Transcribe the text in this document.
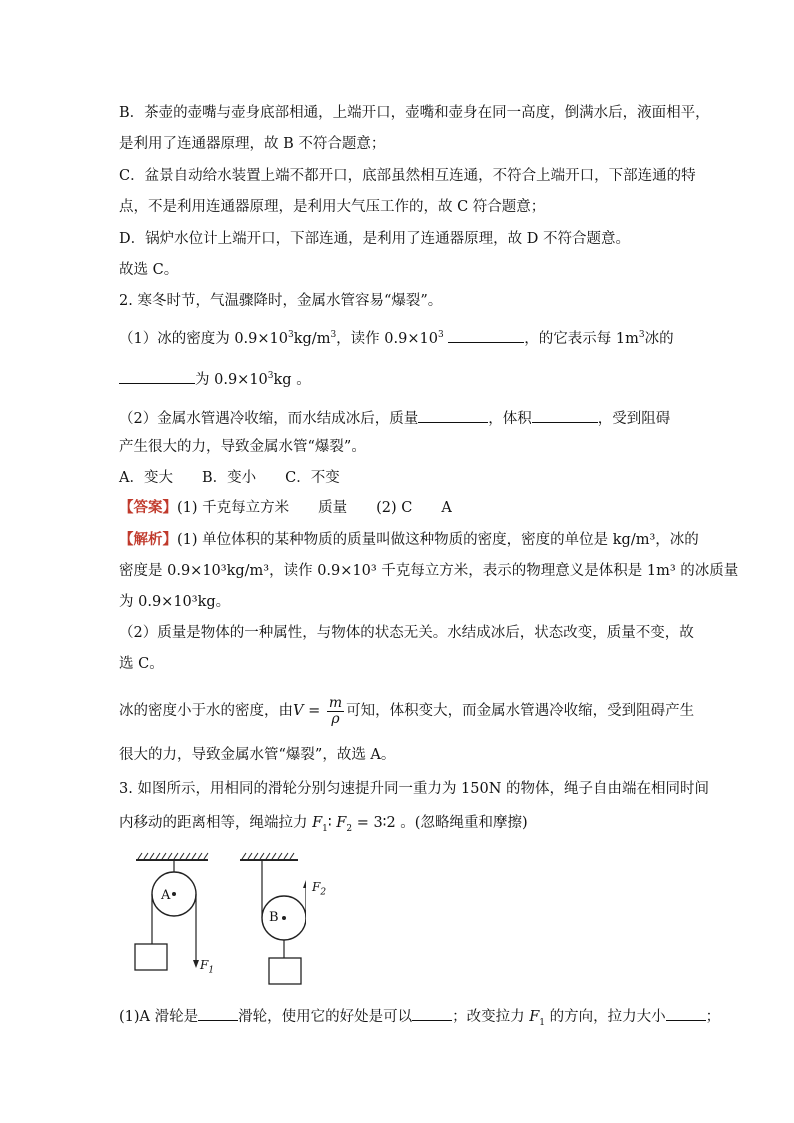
B．茶壶的壶嘴与壶身底部相通，上端开口，壶嘴和壶身在同一高度，倒满水后，液面相平，
是利用了连通器原理，故 B 不符合题意；
C．盆景自动给水装置上端不都开口，底部虽然相互连通，不符合上端开口，下部连通的特
点，不是利用连通器原理，是利用大气压工作的，故 C 符合题意；
D．锅炉水位计上端开口，下部连通，是利用了连通器原理，故 D 不符合题意。
故选 C。
2. 寒冬时节，气温骤降时，金属水管容易“爆裂”。
（1）冰的密度为 $0.9\times 10^3kg/m^3$，读作 $0.9\times 10^3$	，的它表示每 $1m^3$冰的
为 $0.9\times 10^3kg$ 。
（2）金属水管遇冷收缩，而水结成冰后，质量	，体积	，受到阻碍
产生很大的力，导致金属水管“爆裂”。
A．变大　　B．变小　　C．不变
【答案】(1) 千克每立方米　　质量　　(2) C　　A
【解析】(1) 单位体积的某种物质的质量叫做这种物质的密度，密度的单位是 kg/m³，冰的
密度是 0.9×10³kg/m³，读作 0.9×10³ 千克每立方米，表示的物理意义是体积是 1m³ 的冰质量
为 0.9×10³kg。
（2）质量是物体的一种属性，与物体的状态无关。水结成冰后，状态改变，质量不变，故
选 C。
冰的密度小于水的密度，由$V = \frac{m}{\rho}$ 可知，体积变大，而金属水管遇冷收缩，受到阻碍产生
很大的力，导致金属水管“爆裂”，故选 A。
3. 如图所示，用相同的滑轮分别匀速提升同一重力为 150N 的物体，绳子自由端在相同时间
内移动的距离相等，绳端拉力 $F_1∶$ $F_2$ = 3∶2 。(忽略绳重和摩擦)
A
B
$F_1$
$F_2$
(1)A 滑轮是	滑轮，使用它的好处是可以	；改变拉力 $F_1$ 的方向，拉力大小	；
